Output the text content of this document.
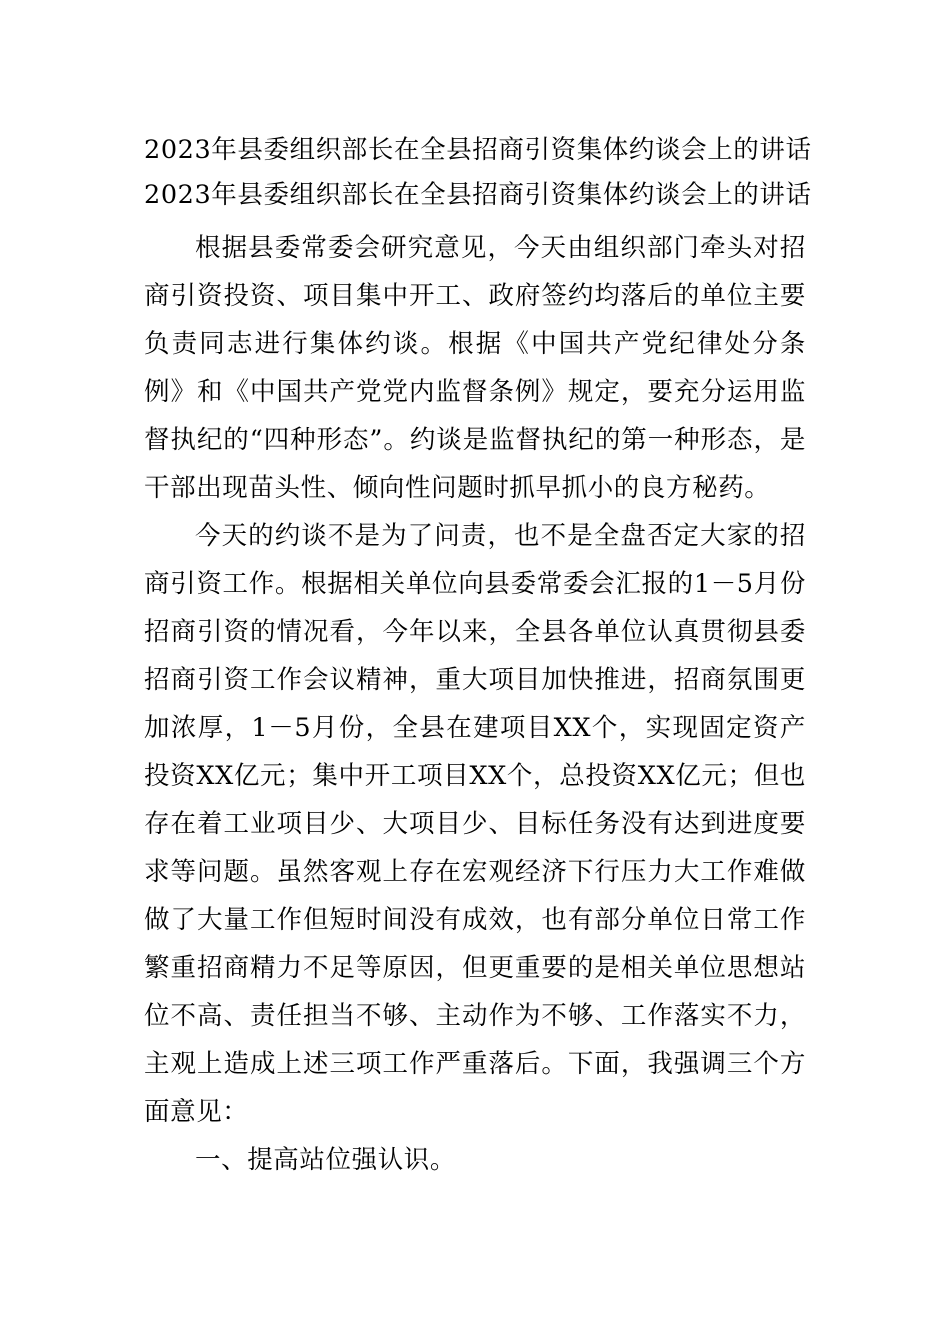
2023年县委组织部长在全县招商引资集体约谈会上的讲话
2023年县委组织部长在全县招商引资集体约谈会上的讲话

根据县委常委会研究意见，今天由组织部门牵头对招商引资投资、项目集中开工、政府签约均落后的单位主要负责同志进行集体约谈。根据《中国共产党纪律处分条例》和《中国共产党党内监督条例》规定，要充分运用监督执纪的“四种形态”。约谈是监督执纪的第一种形态，是干部出现苗头性、倾向性问题时抓早抓小的良方秘药。

今天的约谈不是为了问责，也不是全盘否定大家的招商引资工作。根据相关单位向县委常委会汇报的1－5月份招商引资的情况看，今年以来，全县各单位认真贯彻县委招商引资工作会议精神，重大项目加快推进，招商氛围更加浓厚，1－5月份，全县在建项目XX个，实现固定资产投资XX亿元；集中开工项目XX个，总投资XX亿元；但也存在着工业项目少、大项目少、目标任务没有达到进度要求等问题。虽然客观上存在宏观经济下行压力大工作难做做了大量工作但短时间没有成效，也有部分单位日常工作繁重招商精力不足等原因，但更重要的是相关单位思想站位不高、责任担当不够、主动作为不够、工作落实不力，主观上造成上述三项工作严重落后。下面，我强调三个方面意见：

一、提高站位强认识。
